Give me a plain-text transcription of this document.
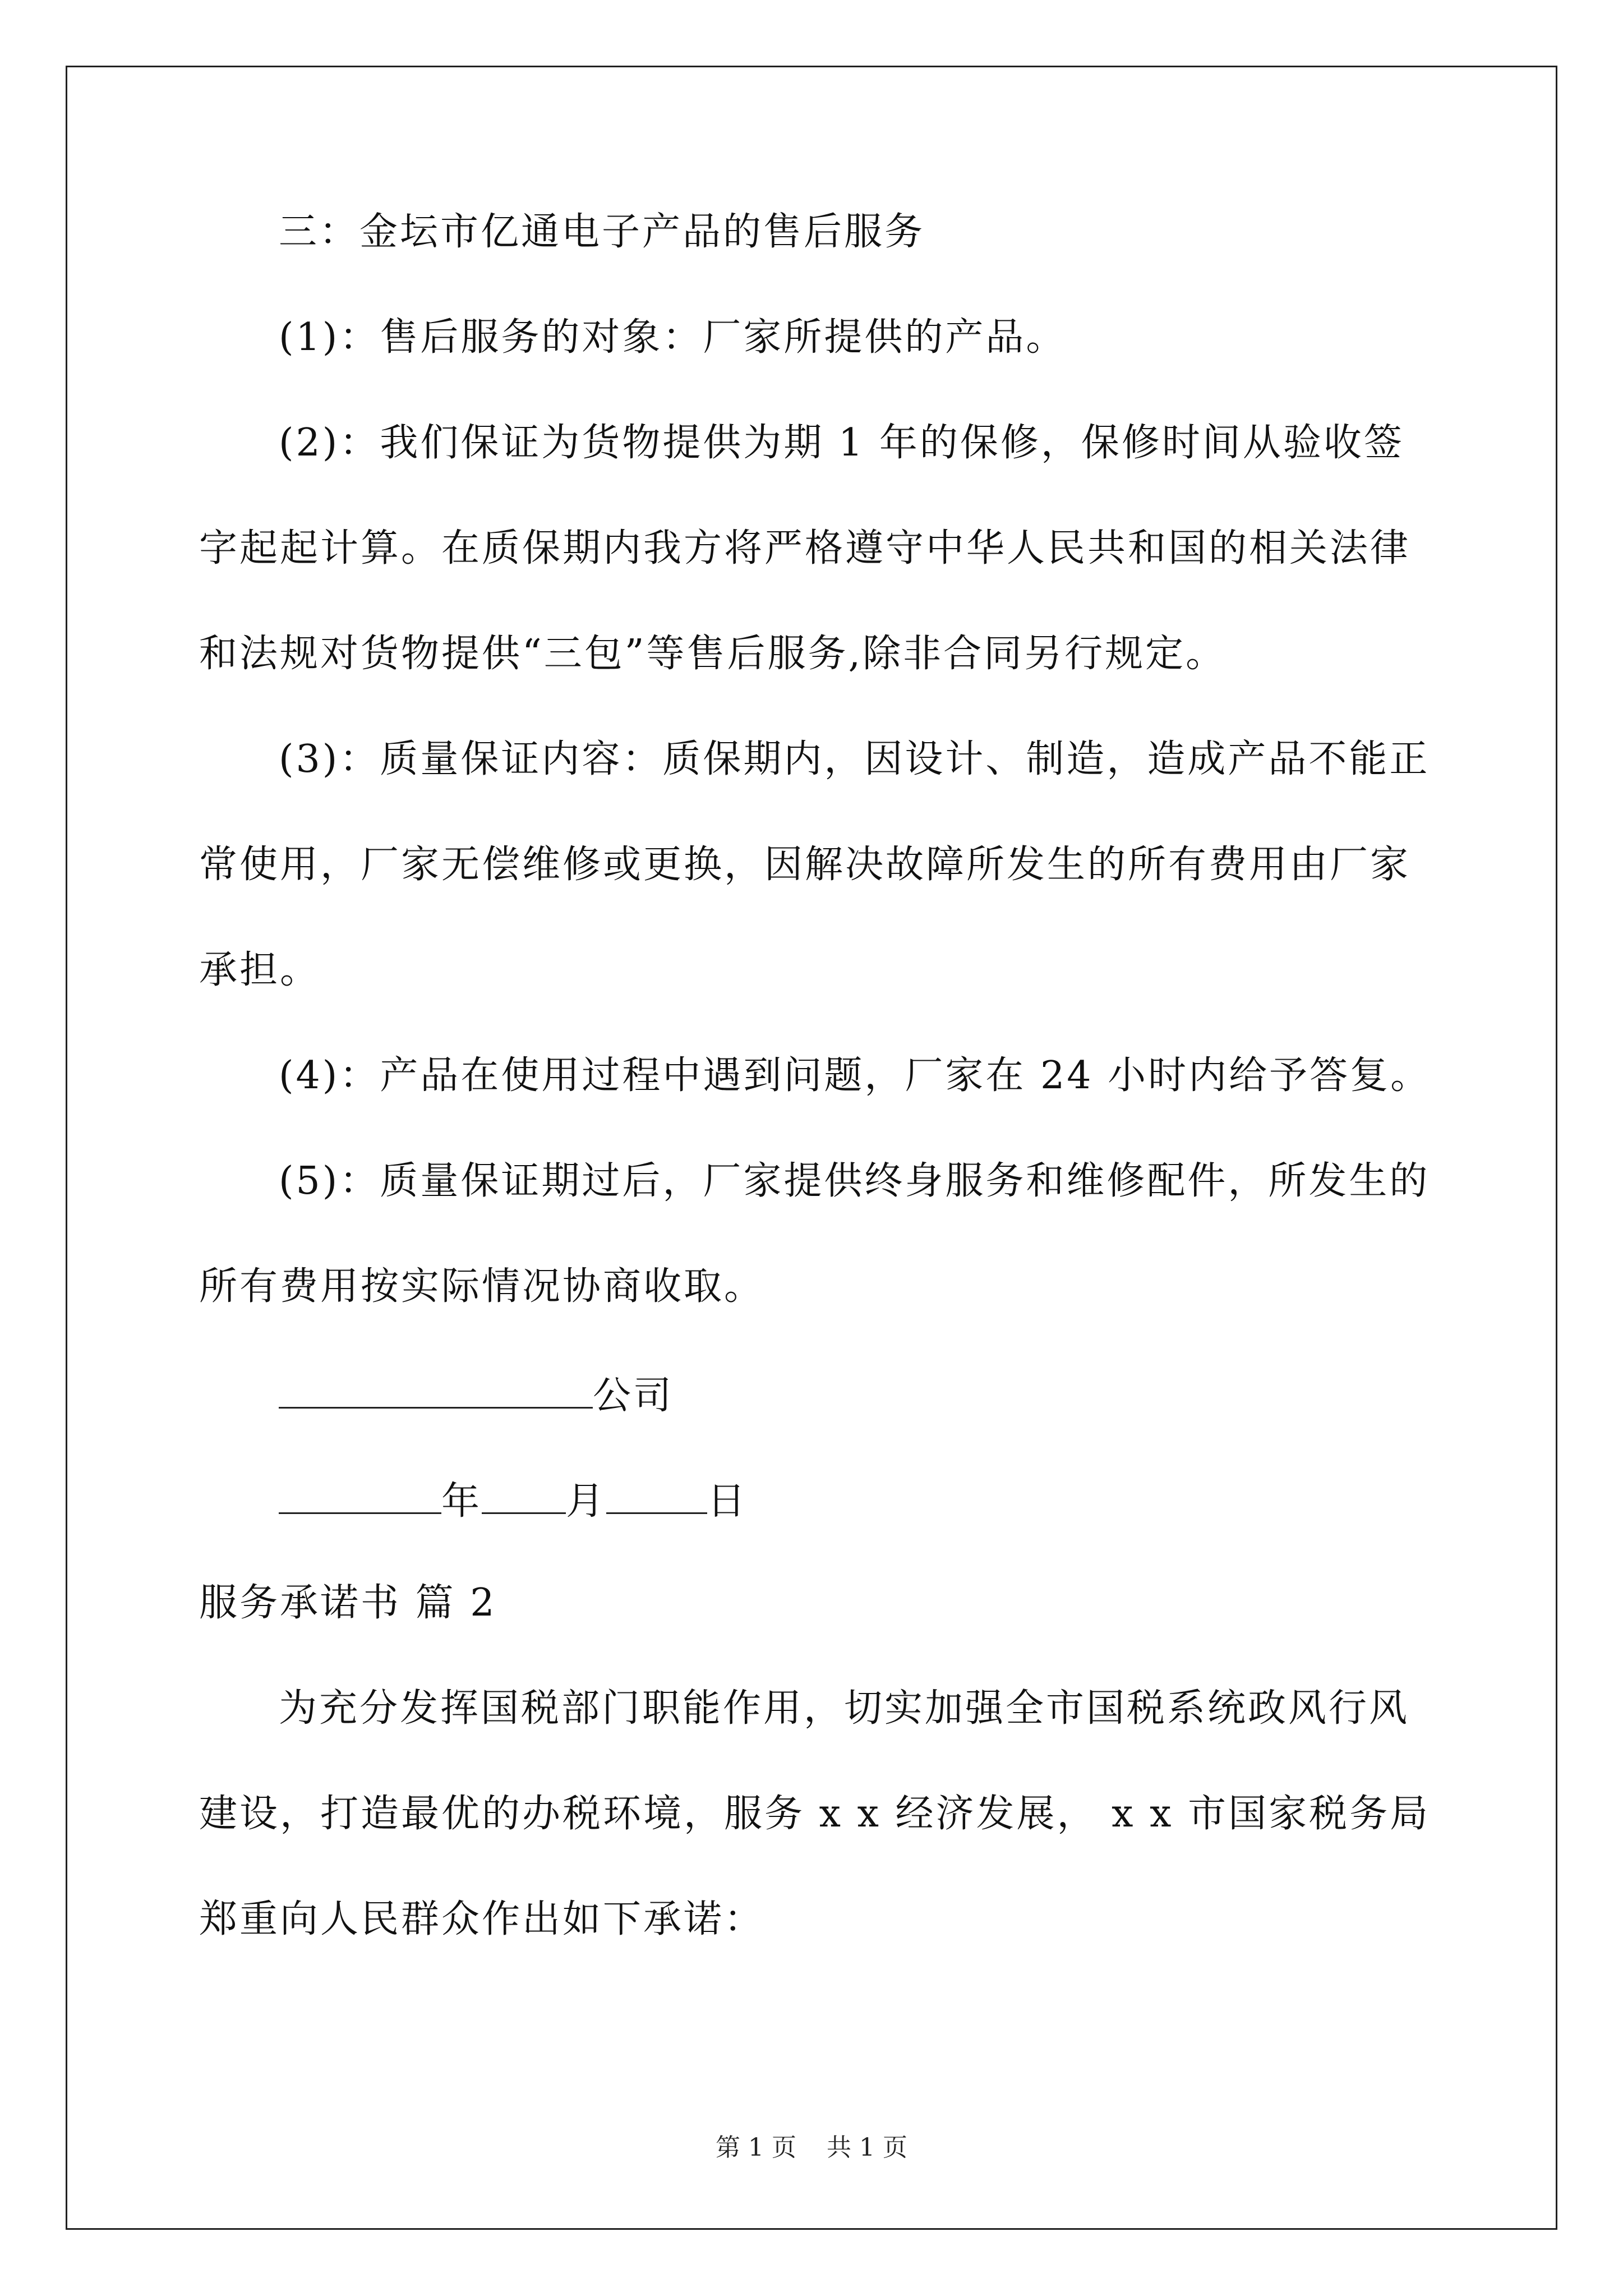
三：金坛市亿通电子产品的售后服务
(1)：售后服务的对象：厂家所提供的产品。
(2)：我们保证为货物提供为期 1 年的保修，保修时间从验收签
字起起计算。在质保期内我方将严格遵守中华人民共和国的相关法律
和法规对货物提供“三包”等售后服务,除非合同另行规定。
(3)：质量保证内容：质保期内，因设计、制造，造成产品不能正
常使用，厂家无偿维修或更换，因解决故障所发生的所有费用由厂家
承担。
(4)：产品在使用过程中遇到问题，厂家在 24 小时内给予答复。
(5)：质量保证期过后，厂家提供终身服务和维修配件，所发生的
所有费用按实际情况协商收取。
公司
年 月	日
服务承诺书 篇 2
为充分发挥国税部门职能作用，切实加强全市国税系统政风行风
建设，打造最优的办税环境，服务 x x 经济发展， x x 市国家税务局
郑重向人民群众作出如下承诺：
第 1 页 共 1 页
